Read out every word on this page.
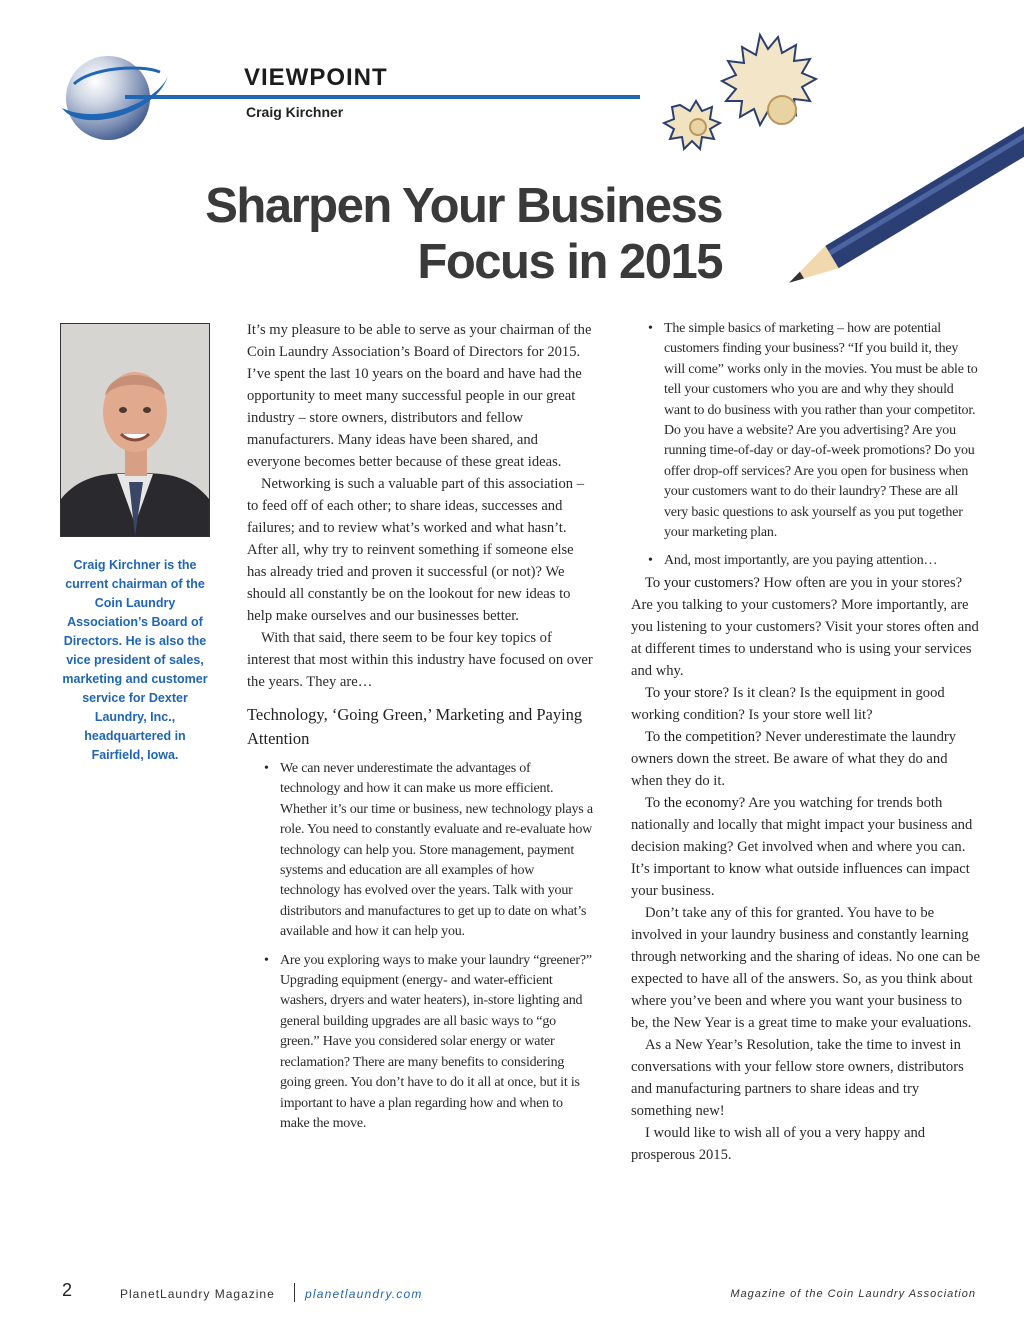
VIEWPOINT
Craig Kirchner
Sharpen Your Business
Focus in 2015
Craig Kirchner is the current chairman of the Coin Laundry Association’s Board of Directors. He is also the vice president of sales, marketing and customer service for Dexter Laundry, Inc., headquartered in Fairfield, Iowa.

It’s my pleasure to be able to serve as your chairman of the Coin Laundry Association’s Board of Directors for 2015. I’ve spent the last 10 years on the board and have had the opportunity to meet many successful people in our great industry – store owners, distributors and fellow manufacturers. Many ideas have been shared, and everyone becomes better because of these great ideas.

Networking is such a valuable part of this association – to feed off of each other; to share ideas, successes and failures; and to review what’s worked and what hasn’t. After all, why try to reinvent something if someone else has already tried and proven it successful (or not)? We should all constantly be on the lookout for new ideas to help make ourselves and our businesses better.

With that said, there seem to be four key topics of interest that most within this industry have focused on over the years. They are…

Technology, ‘Going Green,’ Marketing and Paying Attention
• We can never underestimate the advantages of technology and how it can make us more efficient. Whether it’s our time or business, new technology plays a role. You need to constantly evaluate and re-evaluate how technology can help you. Store management, payment systems and education are all examples of how technology has evolved over the years. Talk with your distributors and manufactures to get up to date on what’s available and how it can help you.
• Are you exploring ways to make your laundry “greener?” Upgrading equipment (energy- and water-efficient washers, dryers and water heaters), in-store lighting and general building upgrades are all basic ways to “go green.” Have you considered solar energy or water reclamation? There are many benefits to considering going green. You don’t have to do it all at once, but it is important to have a plan regarding how and when to make the move.
• The simple basics of marketing – how are potential customers finding your business? “If you build it, they will come” works only in the movies. You must be able to tell your customers who you are and why they should want to do business with you rather than your competitor. Do you have a website? Are you advertising? Are you running time-of-day or day-of-week promotions? Do you offer drop-off services? Are you open for business when your customers want to do their laundry? These are all very basic questions to ask yourself as you put together your marketing plan.
• And, most importantly, are you paying attention…

To your customers? How often are you in your stores? Are you talking to your customers? More importantly, are you listening to your customers? Visit your stores often and at different times to understand who is using your services and why.

To your store? Is it clean? Is the equipment in good working condition? Is your store well lit?

To the competition? Never underestimate the laundry owners down the street. Be aware of what they do and when they do it.

To the economy? Are you watching for trends both nationally and locally that might impact your business and decision making? Get involved when and where you can. It’s important to know what outside influences can impact your business.

Don’t take any of this for granted. You have to be involved in your laundry business and constantly learning through networking and the sharing of ideas. No one can be expected to have all of the answers. So, as you think about where you’ve been and where you want your business to be, the New Year is a great time to make your evaluations.

As a New Year’s Resolution, take the time to invest in conversations with your fellow store owners, distributors and manufacturing partners to share ideas and try something new!

I would like to wish all of you a very happy and prosperous 2015.

2	PlanetLaundry Magazine	planetlaundry.com	Magazine of the Coin Laundry Association
